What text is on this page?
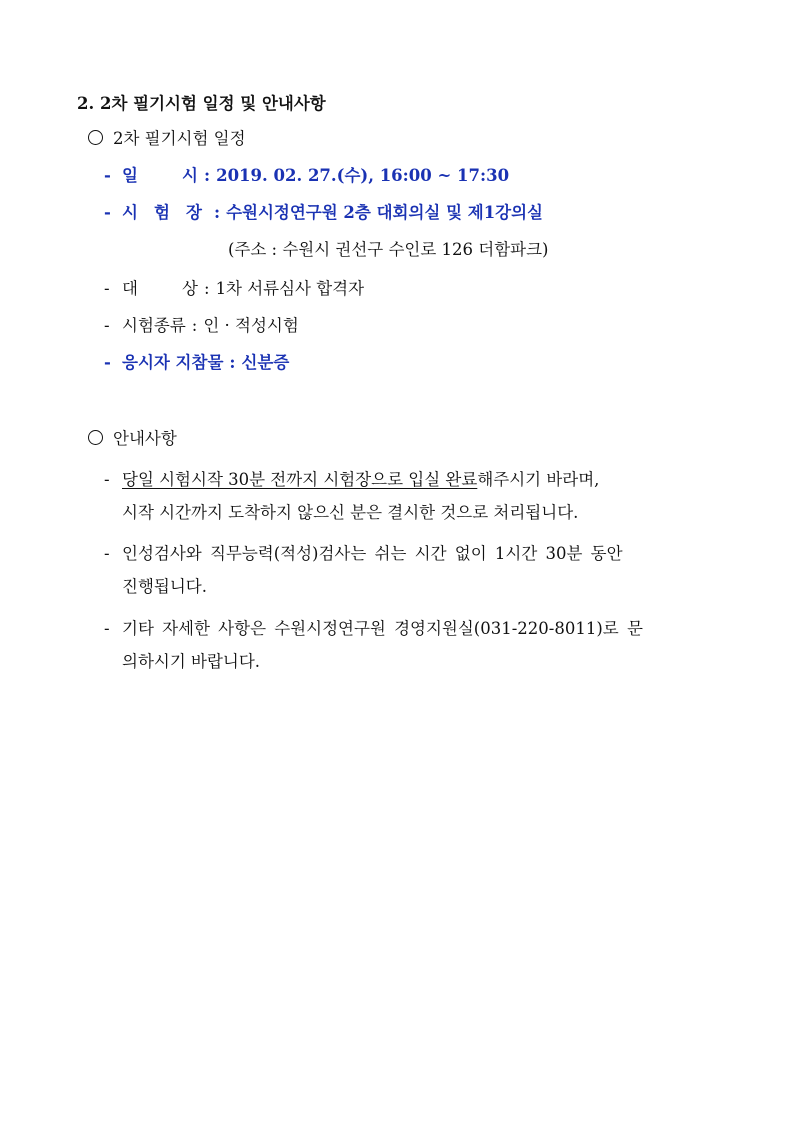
2. 2차 필기시험 일정 및 안내사항
2차 필기시험 일정
- 일	시 : 2019. 02. 27.(수), 16:00 ~ 17:30
- 시 험 장 : 수원시정연구원 2층 대회의실 및 제1강의실
(주소 : 수원시 권선구 수인로 126 더함파크)
- 대	상 : 1차 서류심사 합격자
- 시험종류 : 인 · 적성시험
- 응시자 지참물 : 신분증
안내사항
- 당일 시험시작 30분 전까지 시험장으로 입실 완료해주시기 바라며,
시작 시간까지 도착하지 않으신 분은 결시한 것으로 처리됩니다.
- 인성검사와 직무능력(적성)검사는 쉬는 시간 없이 1시간 30분 동안
진행됩니다.
- 기타 자세한 사항은 수원시정연구원 경영지원실(031-220-8011)로 문
의하시기 바랍니다.
